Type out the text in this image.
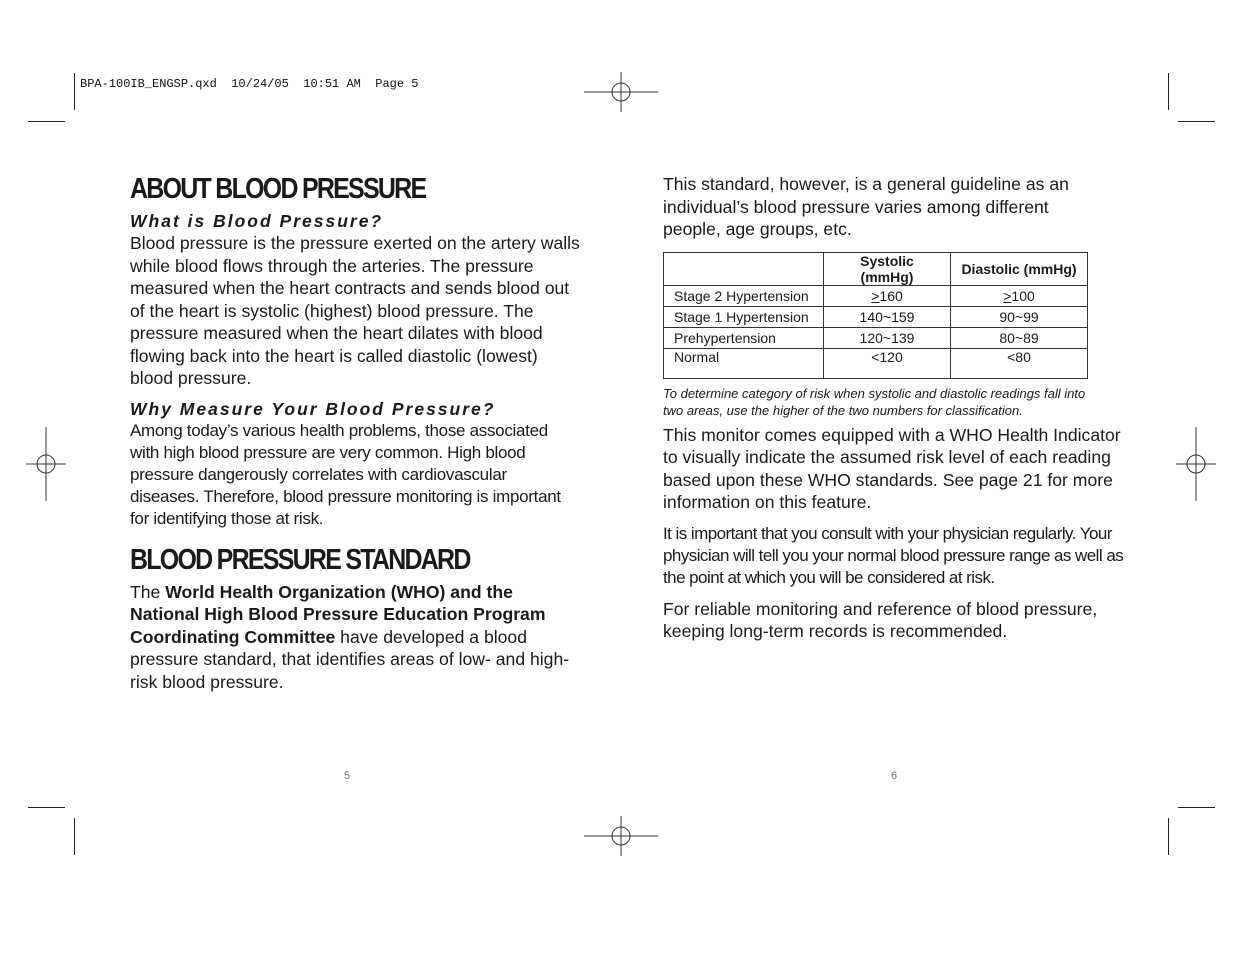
BPA-100IB_ENGSP.qxd  10/24/05  10:51 AM  Page 5
ABOUT BLOOD PRESSURE
What is Blood Pressure?

Blood pressure is the pressure exerted on the artery walls while blood flows through the arteries. The pressure measured when the heart contracts and sends blood out of the heart is systolic (highest) blood pressure. The pressure measured when the heart dilates with blood flowing back into the heart is called diastolic (lowest) blood pressure.

Why Measure Your Blood Pressure?

Among today’s various health problems, those associated with high blood pressure are very common. High blood pressure dangerously correlates with cardiovascular diseases. Therefore, blood pressure monitoring is important for identifying those at risk.

BLOOD PRESSURE STANDARD

The World Health Organization (WHO) and the National High Blood Pressure Education Program Coordinating Committee have developed a blood pressure standard, that identifies areas of low- and high-risk blood pressure.

5

This standard, however, is a general guideline as an individual’s blood pressure varies among different people, age groups, etc.

	Systolic (mmHg)	Diastolic (mmHg)
Stage 2 Hypertension	≥160	≥100
Stage 1 Hypertension	140~159	90~99
Prehypertension	120~139	80~89
Normal	<120	<80

To determine category of risk when systolic and diastolic readings fall into two areas, use the higher of the two numbers for classification.

This monitor comes equipped with a WHO Health Indicator to visually indicate the assumed risk level of each reading based upon these WHO standards. See page 21 for more information on this feature.

It is important that you consult with your physician regularly. Your physician will tell you your normal blood pressure range as well as the point at which you will be considered at risk.

For reliable monitoring and reference of blood pressure, keeping long-term records is recommended.

6
